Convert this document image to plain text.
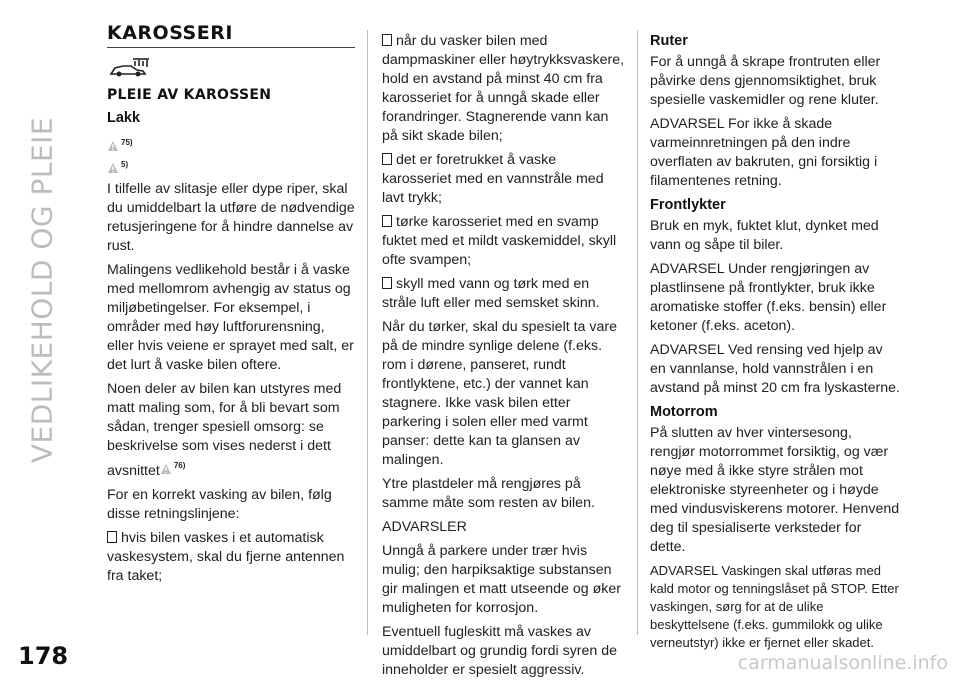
VEDLIKEHOLD OG PLEIE
KAROSSERI
PLEIE AV KAROSSEN
Lakk
75)
5)

I tilfelle av slitasje eller dype riper, skal du umiddelbart la utføre de nødvendige retusjeringene for å hindre dannelse av rust.

Malingens vedlikehold består i å vaske med mellomrom avhengig av status og miljøbetingelser. For eksempel, i områder med høy luftforurensning, eller hvis veiene er sprayet med salt, er det lurt å vaske bilen oftere.

Noen deler av bilen kan utstyres med matt maling som, for å bli bevart som sådan, trenger spesiell omsorg: se beskrivelse som vises nederst i dett avsnittet 76)

For en korrekt vasking av bilen, følg disse retningslinjene:

hvis bilen vaskes i et automatisk vaskesystem, skal du fjerne antennen fra taket;

når du vasker bilen med dampmaskiner eller høytrykksvaskere, hold en avstand på minst 40 cm fra karosseriet for å unngå skade eller forandringer. Stagnerende vann kan på sikt skade bilen;

det er foretrukket å vaske karosseriet med en vannstråle med lavt trykk;

tørke karosseriet med en svamp fuktet med et mildt vaskemiddel, skyll ofte svampen;

skyll med vann og tørk med en stråle luft eller med semsket skinn.

Når du tørker, skal du spesielt ta vare på de mindre synlige delene (f.eks. rom i dørene, panseret, rundt frontlyktene, etc.) der vannet kan stagnere. Ikke vask bilen etter parkering i solen eller med varmt panser: dette kan ta glansen av malingen.

Ytre plastdeler må rengjøres på samme måte som resten av bilen.

ADVARSLER

Unngå å parkere under trær hvis mulig; den harpiksaktige substansen gir malingen et matt utseende og øker muligheten for korrosjon.

Eventuell fugleskitt må vaskes av umiddelbart og grundig fordi syren de inneholder er spesielt aggressiv.

Ruter

For å unngå å skrape frontruten eller påvirke dens gjennomsiktighet, bruk spesielle vaskemidler og rene kluter.

ADVARSEL For ikke å skade varmeinnretningen på den indre overflaten av bakruten, gni forsiktig i filamentenes retning.

Frontlykter

Bruk en myk, fuktet klut, dynket med vann og såpe til biler.

ADVARSEL Under rengjøringen av plastlinsene på frontlykter, bruk ikke aromatiske stoffer (f.eks. bensin) eller ketoner (f.eks. aceton).

ADVARSEL Ved rensing ved hjelp av en vannlanse, hold vannstrålen i en avstand på minst 20 cm fra lyskasterne.

Motorrom

På slutten av hver vintersesong, rengjør motorrommet forsiktig, og vær nøye med å ikke styre strålen mot elektroniske styreenheter og i høyde med vindusviskerens motorer. Henvend deg til spesialiserte verksteder for dette.

ADVARSEL Vaskingen skal utføras med kald motor og tenningslåset på STOP. Etter vaskingen, sørg for at de ulike beskyttelsene (f.eks. gummilokk og ulike verneutstyr) ikke er fjernet eller skadet.

178	carmanualsonline.info
